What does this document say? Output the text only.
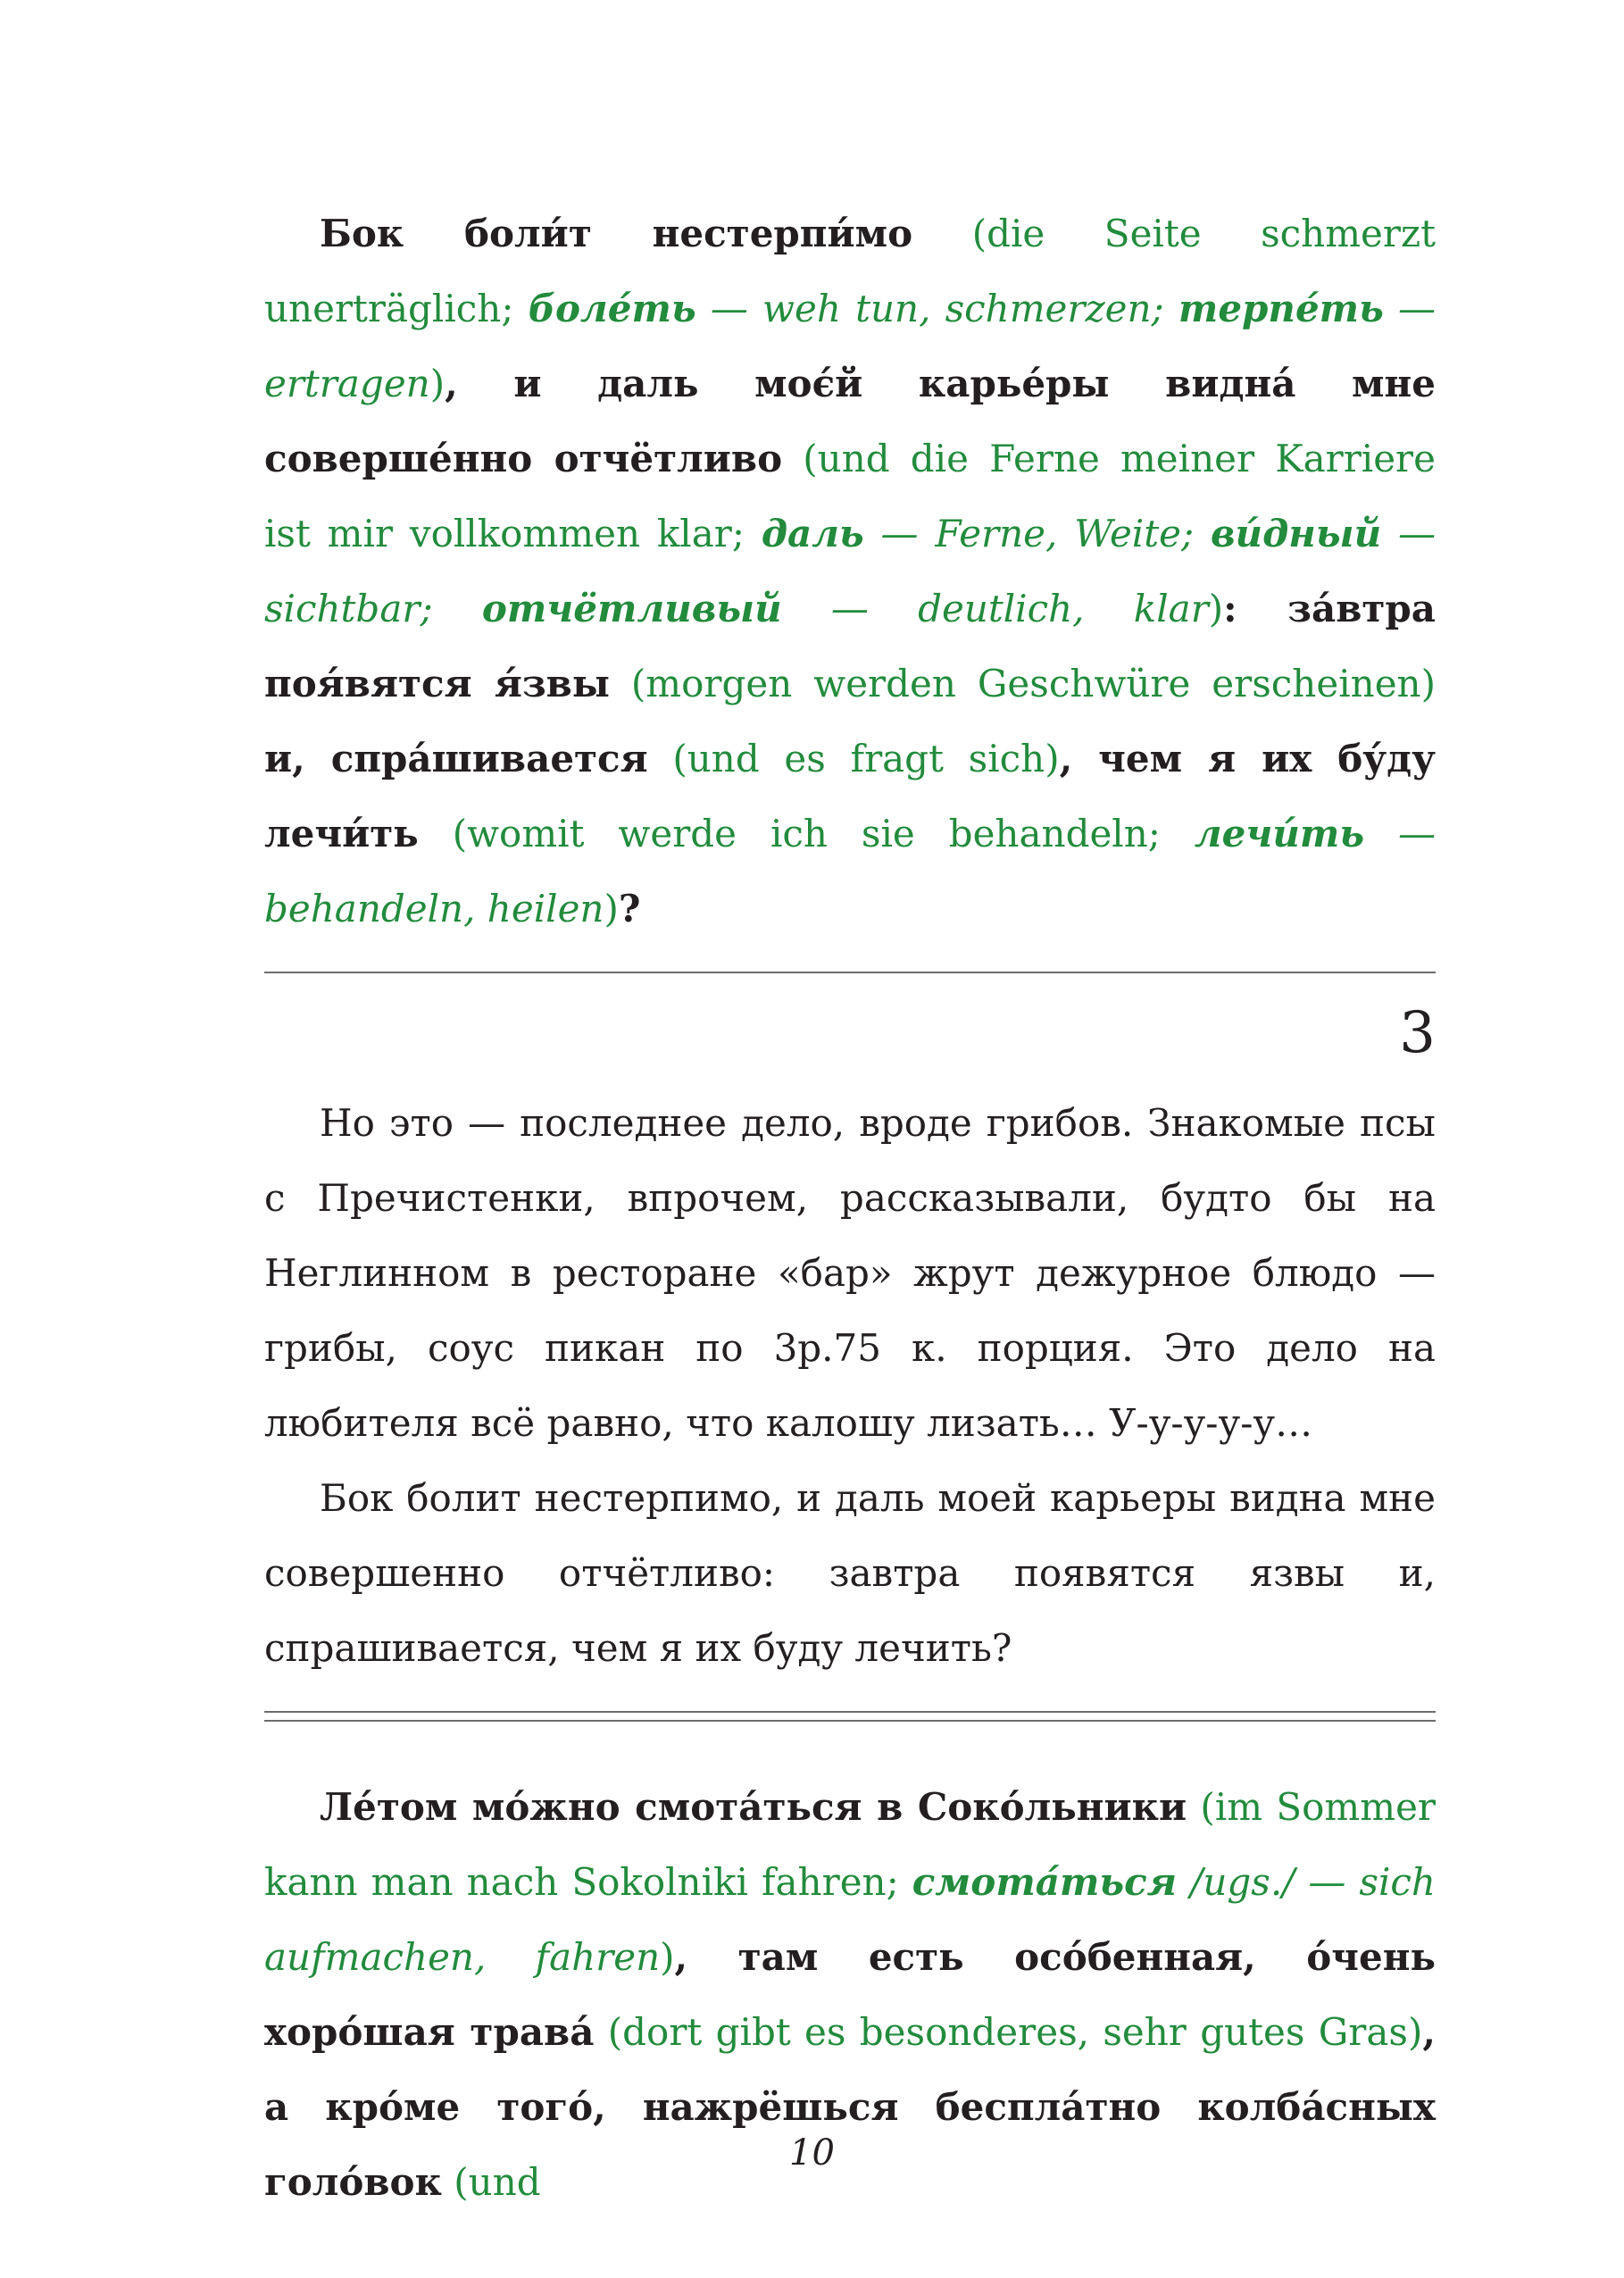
Бок боли́т нестерпи́мо (die Seite schmerzt unerträglich; боле́ть — weh tun, schmerzen; терпе́ть — ertragen), и даль моє́й карье́ры видна́ мне соверше́нно отчётливо (und die Ferne meiner Karriere ist mir vollkommen klar; даль — Ferne, Weite; ви́дный — sichtbar; отчётливый — deutlich, klar): за́втра поя́вятся я́звы (morgen werden Geschwüre erscheinen) и, спра́шивается (und es fragt sich), чем я их бу́ду лечи́ть (womit werde ich sie behandeln; лечи́ть — behandeln, heilen)?

3

Но это — последнее дело, вроде грибов. Знакомые псы с Пречистенки, впрочем, рассказывали, будто бы на Неглинном в ресторане «бар» жрут дежурное блюдо — грибы, соус пикан по 3р.75 к. порция. Это дело на любителя всё равно, что калошу лизать… У-у-у-у-у…

Бок болит нестерпимо, и даль моей карьеры видна мне совершенно отчётливо: завтра появятся язвы и, спрашивается, чем я их буду лечить?

Ле́том мо́жно смота́ться в Соко́льники (im Sommer kann man nach Sokolniki fahren; смота́ться /ugs./ — sich aufmachen, fahren), там есть осо́бенная, о́чень хоро́шая трава́ (dort gibt es besonderes, sehr gutes Gras), а кро́ме того́, нажрёшься беспла́тно колба́сных голо́вок (und

10
